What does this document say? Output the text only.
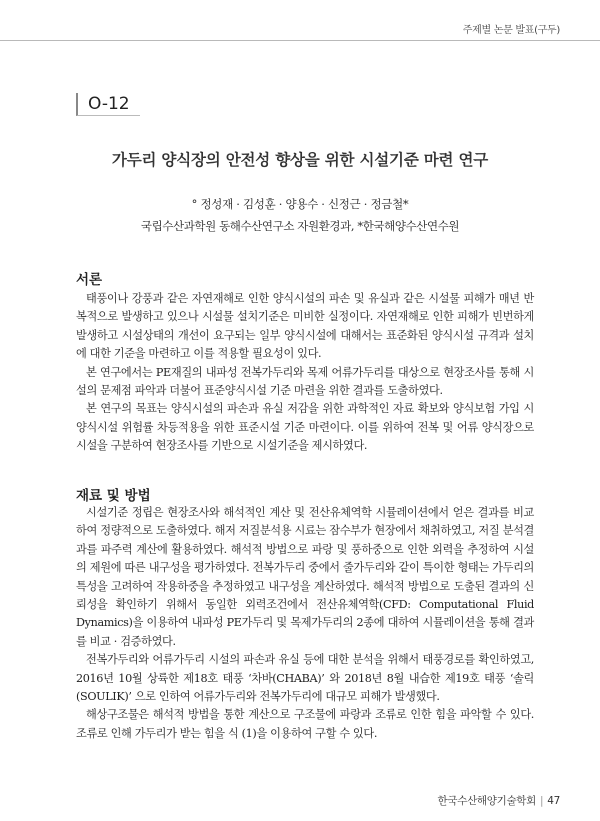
주제별 논문 발표(구두)
O-12
가두리 양식장의 안전성 향상을 위한 시설기준 마련 연구
° 정성재 · 김성훈 · 양용수 · 신정근 · 정금철*
국립수산과학원 동해수산연구소 자원환경과, *한국해양수산연수원
서론

태풍이나 강풍과 같은 자연재해로 인한 양식시설의 파손 및 유실과 같은 시설물 피해가 매년 반복적으로 발생하고 있으나 시설물 설치기준은 미비한 실정이다. 자연재해로 인한 피해가 빈번하게 발생하고 시설상태의 개선이 요구되는 일부 양식시설에 대해서는 표준화된 양식시설 규격과 설치에 대한 기준을 마련하고 이를 적용할 필요성이 있다.

본 연구에서는 PE재질의 내파성 전복가두리와 목제 어류가두리를 대상으로 현장조사를 통해 시설의 문제점 파악과 더불어 표준양식시설 기준 마련을 위한 결과를 도출하였다.

본 연구의 목표는 양식시설의 파손과 유실 저감을 위한 과학적인 자료 확보와 양식보험 가입 시 양식시설 위험률 차등적용을 위한 표준시설 기준 마련이다. 이를 위하여 전복 및 어류 양식장으로 시설을 구분하여 현장조사를 기반으로 시설기준을 제시하였다.

재료 및 방법

시설기준 정립은 현장조사와 해석적인 계산 및 전산유체역학 시뮬레이션에서 얻은 결과를 비교하여 정량적으로 도출하였다. 해저 저질분석용 시료는 잠수부가 현장에서 채취하였고, 저질 분석결과를 파주력 계산에 활용하였다. 해석적 방법으로 파랑 및 풍하중으로 인한 외력을 추정하여 시설의 제원에 따른 내구성을 평가하였다. 전복가두리 중에서 줄가두리와 같이 특이한 형태는 가두리의 특성을 고려하여 작용하중을 추정하였고 내구성을 계산하였다. 해석적 방법으로 도출된 결과의 신뢰성을 확인하기 위해서 동일한 외력조건에서 전산유체역학(CFD: Computational Fluid Dynamics)을 이용하여 내파성 PE가두리 및 목제가두리의 2종에 대하여 시뮬레이션을 통해 결과를 비교 · 검증하였다.

전복가두리와 어류가두리 시설의 파손과 유실 등에 대한 분석을 위해서 태풍경로를 확인하였고, 2016년 10월 상륙한 제18호 태풍 ‘차바(CHABA)’ 와 2018년 8월 내습한 제19호 태풍 ‘솔릭(SOULIK)’ 으로 인하여 어류가두리와 전복가두리에 대규모 피해가 발생했다.

해상구조물은 해석적 방법을 통한 계산으로 구조물에 파랑과 조류로 인한 힘을 파악할 수 있다. 조류로 인해 가두리가 받는 힘을 식 (1)을 이용하여 구할 수 있다.

한국수산해양기술학회 | 47
